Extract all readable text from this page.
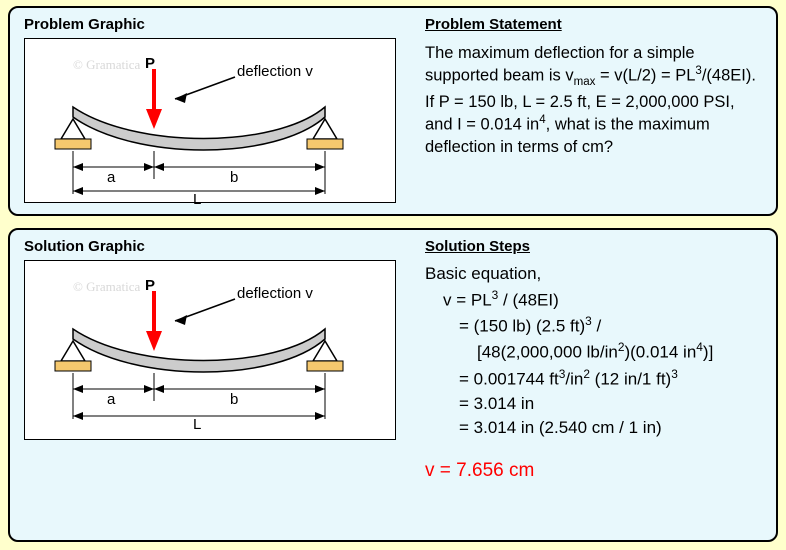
Problem Graphic	Problem Statement
© Gramatica P	deflection v
a	b
L

The maximum deflection for a simple supported beam is $v_{max} = v(L/2) = PL^3/(48EI)$. If P = 150 lb, L = 2.5 ft, E = 2,000,000 PSI, and I = 0.014 $in^4$, what is the maximum deflection in terms of cm?

Solution Graphic	Solution Steps
© Gramatica P	deflection v
a	b
L
Basic equation,
$v = PL^3 / (48EI)$
= (150 lb) (2.5 ft)$^3$ /
[48(2,000,000 $lb/in^2)(0.014$ $in^4$)]
= 0.001744 $ft^3/in^2$ (12 in/1 ft)$^3$
= 3.014 in
= 3.014 in (2.540 cm / 1 in)
v = 7.656 cm
